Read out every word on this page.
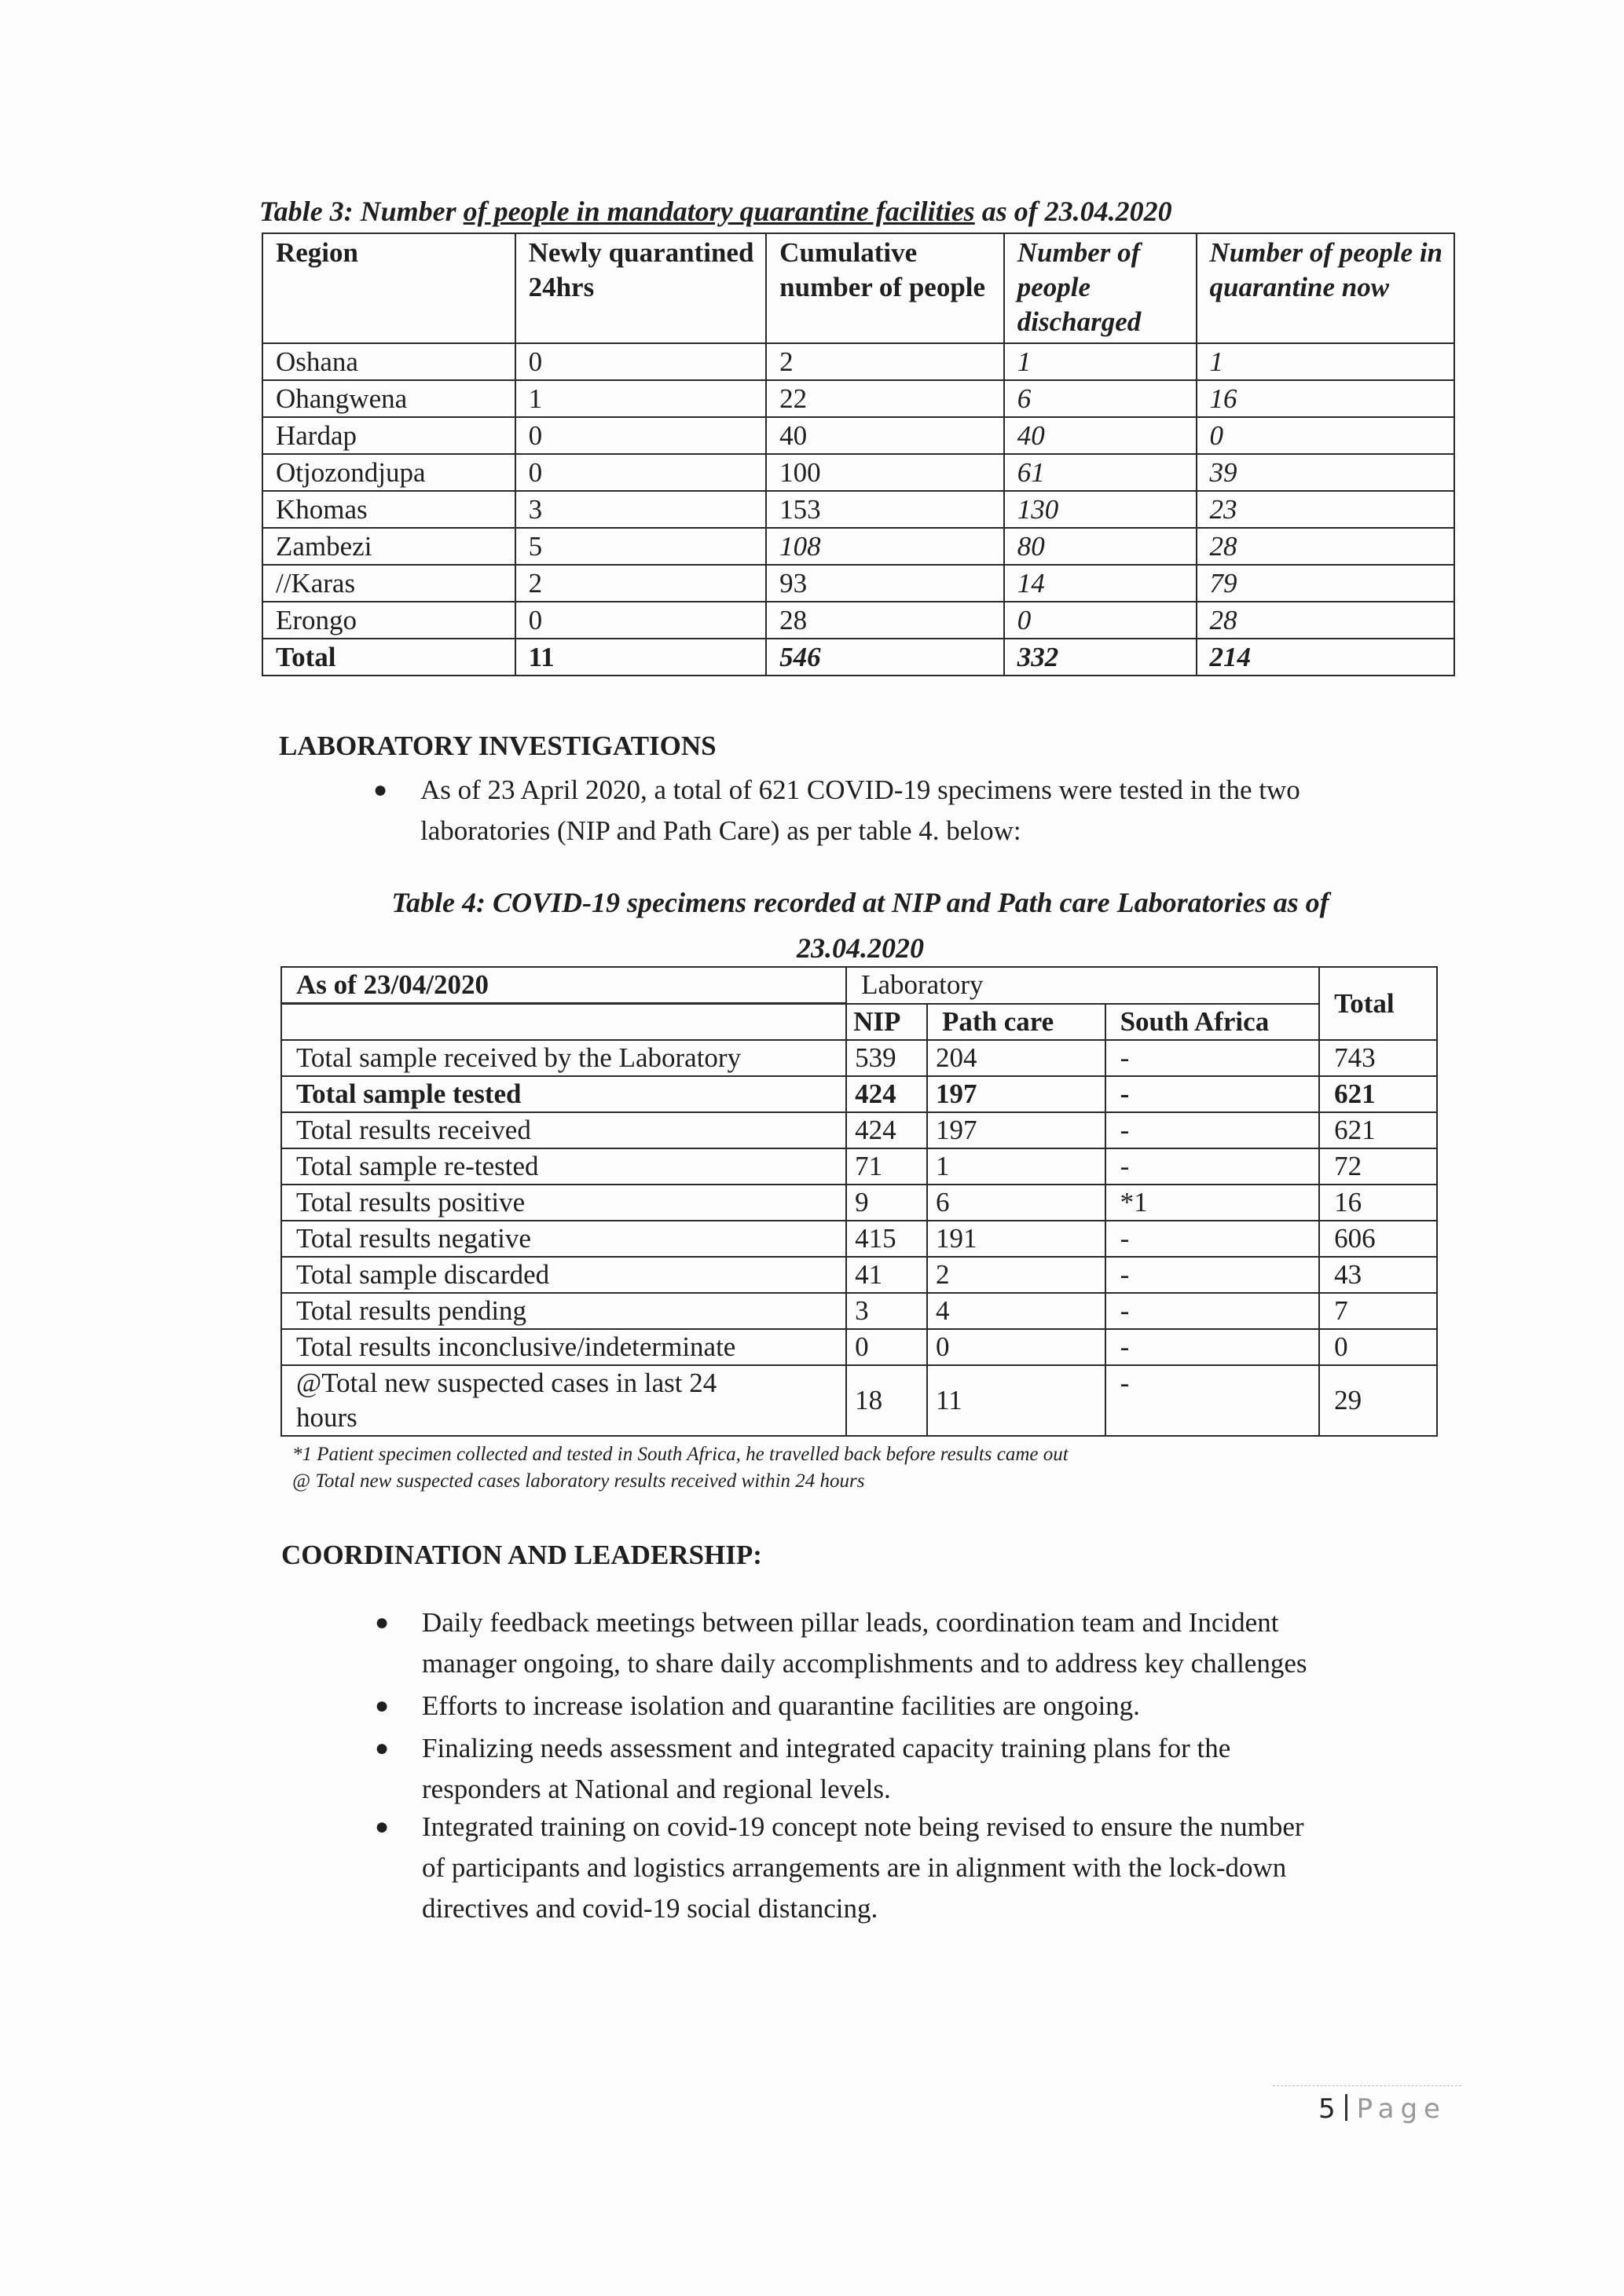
Table 3: Number of people in mandatory quarantine facilities as of 23.04.2020
Region	Newly quarantined 24hrs	Cumulative number of people	Number of people discharged	Number of people in quarantine now
Oshana	0	2	1	1
Ohangwena	1	22	6	16
Hardap	0	40	40	0
Otjozondjupa	0	100	61	39
Khomas	3	153	130	23
Zambezi	5	108	80	28
//Karas	2	93	14	79
Erongo	0	28	0	28
Total	11	546	332	214
LABORATORY INVESTIGATIONS
● As of 23 April 2020, a total of 621 COVID-19 specimens were tested in the two
laboratories (NIP and Path Care) as per table 4. below:
Table 4: COVID-19 specimens recorded at NIP and Path care Laboratories as of
23.04.2020
As of 23/04/2020	Laboratory			Total
	NIP	Path care	South Africa	
Total sample received by the Laboratory	539	204	-	743
Total sample tested	424	197	-	621
Total results received	424	197	-	621
Total sample re-tested	71	1	-	72
Total results positive	9	6	*1	16
Total results negative	415	191	-	606
Total sample discarded	41	2	-	43
Total results pending	3	4	-	7
Total results inconclusive/indeterminate	0	0	-	0

@Total new suspected cases in last 24
hours	18	11	-	29
*1 Patient specimen collected and tested in South Africa, he travelled back before results came out
@ Total new suspected cases laboratory results received within 24 hours
COORDINATION AND LEADERSHIP:
● Daily feedback meetings between pillar leads, coordination team and Incident
manager ongoing, to share daily accomplishments and to address key challenges
● Efforts to increase isolation and quarantine facilities are ongoing.
● Finalizing needs assessment and integrated capacity training plans for the
responders at National and regional levels.
● Integrated training on covid-19 concept note being revised to ensure the number
of participants and logistics arrangements are in alignment with the lock-down
directives and covid-19 social distancing.
5 Page
